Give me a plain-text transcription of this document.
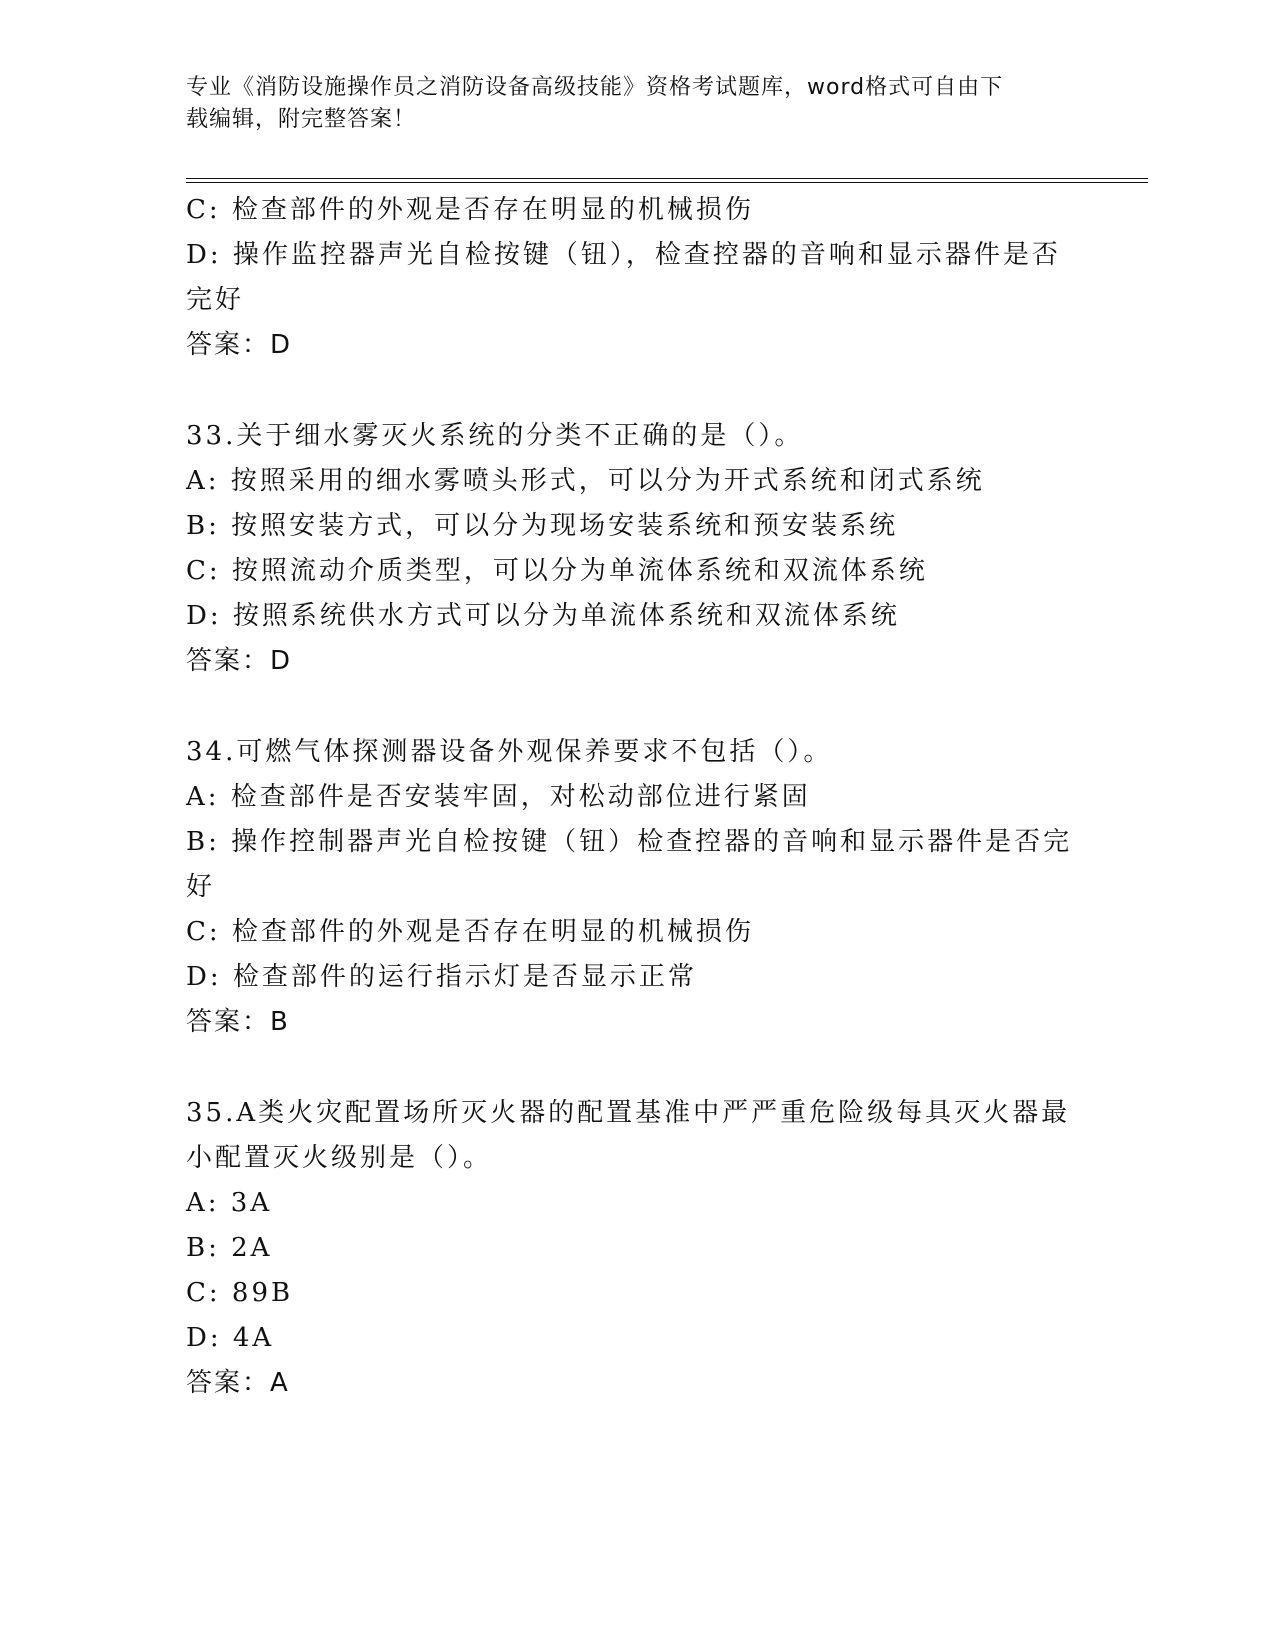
专业《消防设施操作员之消防设备高级技能》资格考试题库，word格式可自由下
载编辑，附完整答案！
C: 检查部件的外观是否存在明显的机械损伤
D: 操作监控器声光自检按键（钮），检查控器的音响和显示器件是否
完好
答案：D
33.关于细水雾灭火系统的分类不正确的是（）。
A: 按照采用的细水雾喷头形式，可以分为开式系统和闭式系统
B: 按照安装方式，可以分为现场安装系统和预安装系统
C: 按照流动介质类型，可以分为单流体系统和双流体系统
D: 按照系统供水方式可以分为单流体系统和双流体系统
答案：D
34.可燃气体探测器设备外观保养要求不包括（）。
A: 检查部件是否安装牢固，对松动部位进行紧固
B: 操作控制器声光自检按键（钮）检查控器的音响和显示器件是否完
好
C: 检查部件的外观是否存在明显的机械损伤
D: 检查部件的运行指示灯是否显示正常
答案：B
35.A类火灾配置场所灭火器的配置基准中严严重危险级每具灭火器最
小配置灭火级别是（）。
A: 3A
B: 2A
C: 89B
D: 4A
答案：A
